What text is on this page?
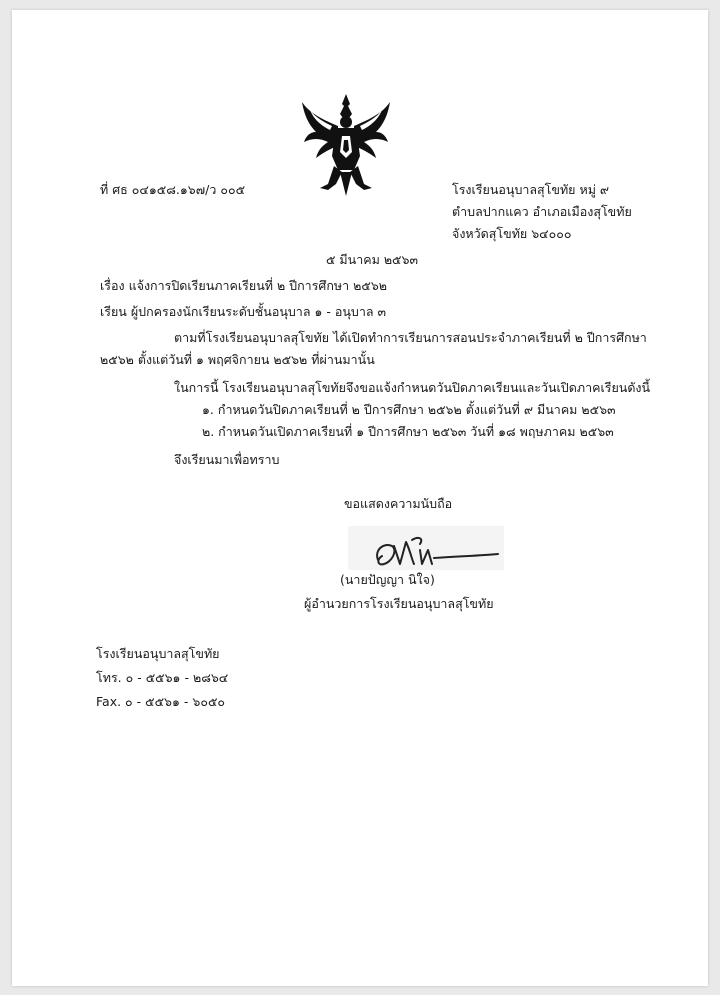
ที่ ศธ ๐๔๑๕๘.๑๖๗/ว ๐๐๕	โรงเรียนอนุบาลสุโขทัย หมู่ ๙
ตำบลปากแคว อำเภอเมืองสุโขทัย
จังหวัดสุโขทัย ๖๔๐๐๐
๕ มีนาคม ๒๕๖๓
เรื่อง แจ้งการปิดเรียนภาคเรียนที่ ๒ ปีการศึกษา ๒๕๖๒
เรียน ผู้ปกครองนักเรียนระดับชั้นอนุบาล ๑ - อนุบาล ๓
ตามที่โรงเรียนอนุบาลสุโขทัย ได้เปิดทำการเรียนการสอนประจำภาคเรียนที่ ๒ ปีการศึกษา
๒๕๖๒ ตั้งแต่วันที่ ๑ พฤศจิกายน ๒๕๖๒ ที่ผ่านมานั้น
ในการนี้ โรงเรียนอนุบาลสุโขทัยจึงขอแจ้งกำหนดวันปิดภาคเรียนและวันเปิดภาคเรียนดังนี้
๑. กำหนดวันปิดภาคเรียนที่ ๒ ปีการศึกษา ๒๕๖๒ ตั้งแต่วันที่ ๙ มีนาคม ๒๕๖๓
๒. กำหนดวันเปิดภาคเรียนที่ ๑ ปีการศึกษา ๒๕๖๓ วันที่ ๑๘ พฤษภาคม ๒๕๖๓
จึงเรียนมาเพื่อทราบ
ขอแสดงความนับถือ
(นายปัญญา นิใจ)
ผู้อำนวยการโรงเรียนอนุบาลสุโขทัย
โรงเรียนอนุบาลสุโขทัย
โทร. ๐ - ๕๕๖๑ - ๒๘๖๔
Fax. ๐ - ๕๕๖๑ - ๖๐๕๐
